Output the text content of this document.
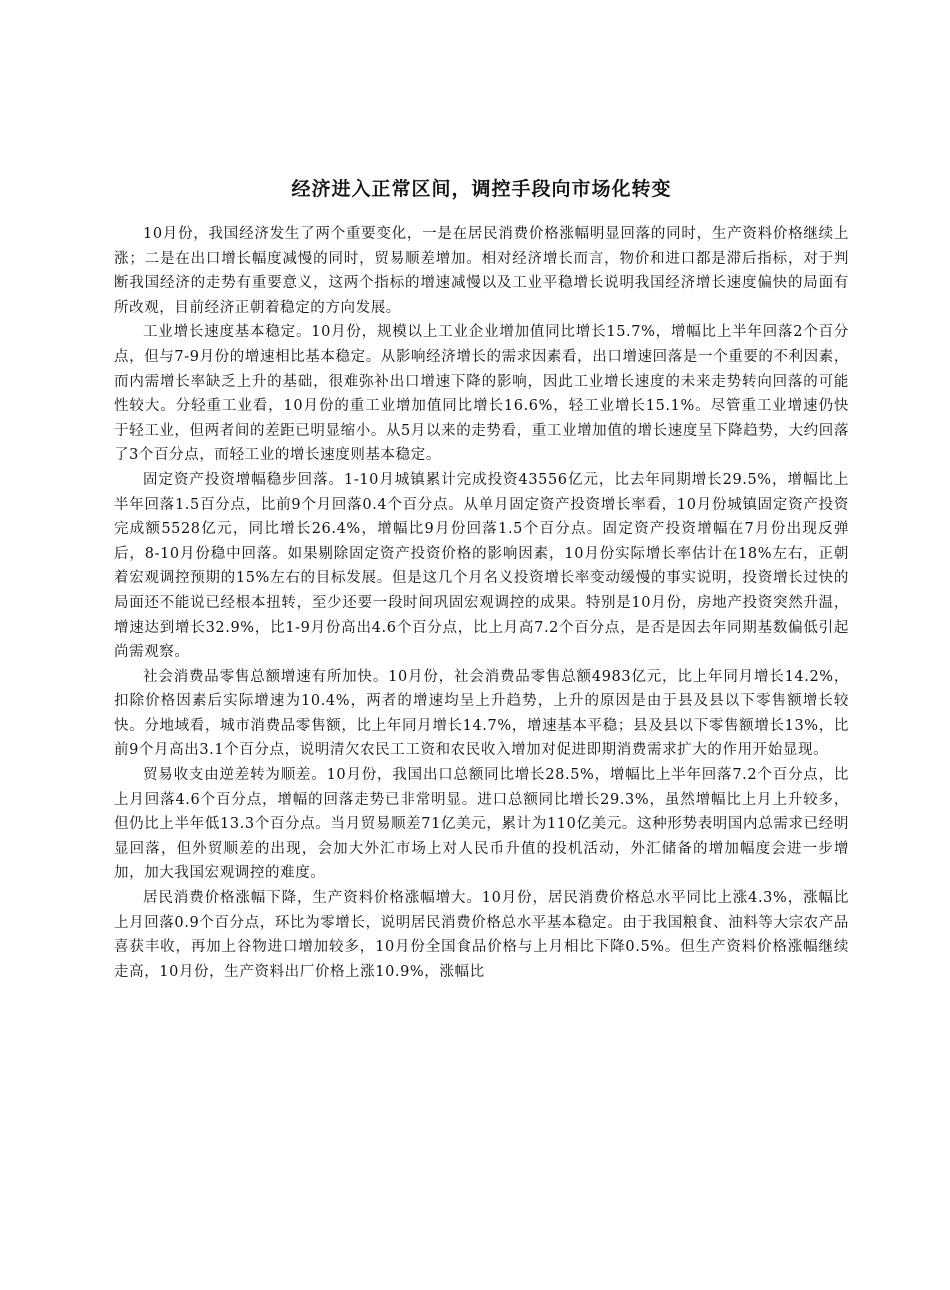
经济进入正常区间，调控手段向市场化转变

10月份，我国经济发生了两个重要变化，一是在居民消费价格涨幅明显回落的同时，生产资料价格继续上涨；二是在出口增长幅度减慢的同时，贸易顺差增加。相对经济增长而言，物价和进口都是滞后指标，对于判断我国经济的走势有重要意义，这两个指标的增速减慢以及工业平稳增长说明我国经济增长速度偏快的局面有所改观，目前经济正朝着稳定的方向发展。

工业增长速度基本稳定。10月份，规模以上工业企业增加值同比增长15.7%，增幅比上半年回落2个百分点，但与7-9月份的增速相比基本稳定。从影响经济增长的需求因素看，出口增速回落是一个重要的不利因素，而内需增长率缺乏上升的基础，很难弥补出口增速下降的影响，因此工业增长速度的未来走势转向回落的可能性较大。分轻重工业看，10月份的重工业增加值同比增长16.6%，轻工业增长15.1%。尽管重工业增速仍快于轻工业，但两者间的差距已明显缩小。从5月以来的走势看，重工业增加值的增长速度呈下降趋势，大约回落了3个百分点，而轻工业的增长速度则基本稳定。

固定资产投资增幅稳步回落。1-10月城镇累计完成投资43556亿元，比去年同期增长29.5%，增幅比上半年回落1.5百分点，比前9个月回落0.4个百分点。从单月固定资产投资增长率看，10月份城镇固定资产投资完成额5528亿元，同比增长26.4%，增幅比9月份回落1.5个百分点。固定资产投资增幅在7月份出现反弹后，8-10月份稳中回落。如果剔除固定资产投资价格的影响因素，10月份实际增长率估计在18%左右，正朝着宏观调控预期的15%左右的目标发展。但是这几个月名义投资增长率变动缓慢的事实说明，投资增长过快的局面还不能说已经根本扭转，至少还要一段时间巩固宏观调控的成果。特别是10月份，房地产投资突然升温，增速达到增长32.9%，比1-9月份高出4.6个百分点，比上月高7.2个百分点，是否是因去年同期基数偏低引起尚需观察。

社会消费品零售总额增速有所加快。10月份，社会消费品零售总额4983亿元，比上年同月增长14.2%，扣除价格因素后实际增速为10.4%，两者的增速均呈上升趋势，上升的原因是由于县及县以下零售额增长较快。分地域看，城市消费品零售额，比上年同月增长14.7%，增速基本平稳；县及县以下零售额增长13%，比前9个月高出3.1个百分点，说明清欠农民工工资和农民收入增加对促进即期消费需求扩大的作用开始显现。

贸易收支由逆差转为顺差。10月份，我国出口总额同比增长28.5%，增幅比上半年回落7.2个百分点，比上月回落4.6个百分点，增幅的回落走势已非常明显。进口总额同比增长29.3%，虽然增幅比上月上升较多，但仍比上半年低13.3个百分点。当月贸易顺差71亿美元，累计为110亿美元。这种形势表明国内总需求已经明显回落，但外贸顺差的出现，会加大外汇市场上对人民币升值的投机活动，外汇储备的增加幅度会进一步增加，加大我国宏观调控的难度。

居民消费价格涨幅下降，生产资料价格涨幅增大。10月份，居民消费价格总水平同比上涨4.3%，涨幅比上月回落0.9个百分点，环比为零增长，说明居民消费价格总水平基本稳定。由于我国粮食、油料等大宗农产品喜获丰收，再加上谷物进口增加较多，10月份全国食品价格与上月相比下降0.5%。但生产资料价格涨幅继续走高，10月份，生产资料出厂价格上涨10.9%，涨幅比
